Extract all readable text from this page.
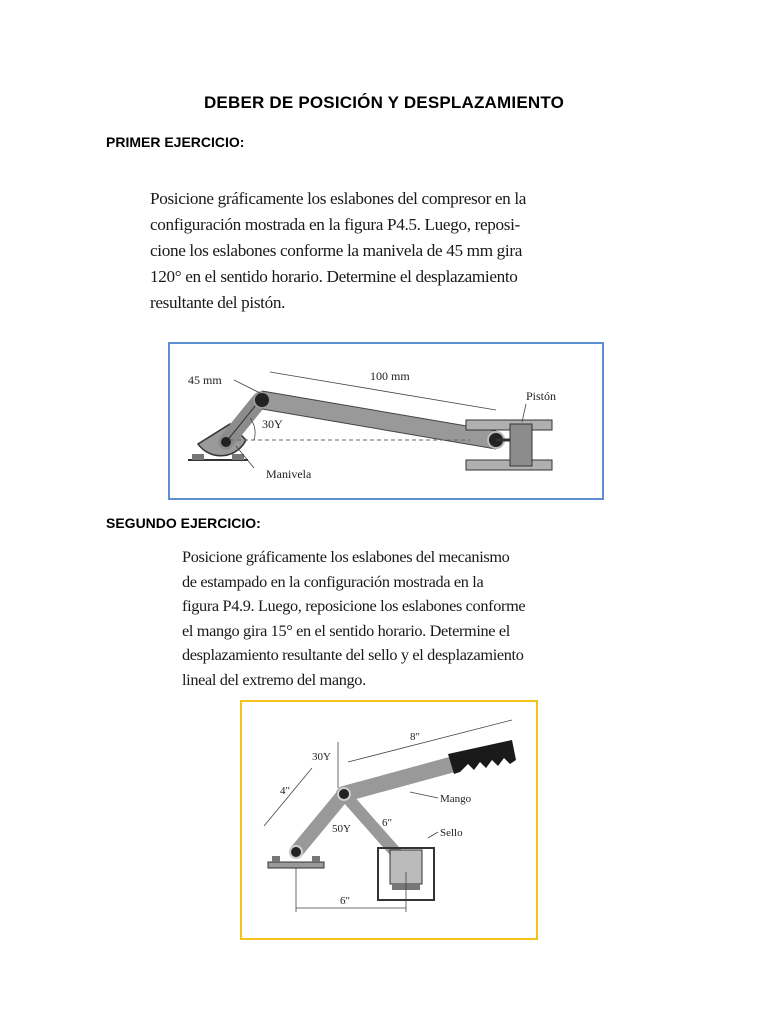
DEBER DE POSICIÓN Y DESPLAZAMIENTO
PRIMER EJERCICIO:
Posicione gráficamente los eslabones del compresor en la
configuración mostrada en la figura P4.5. Luego, reposi-
cione los eslabones conforme la manivela de 45 mm gira
120° en el sentido horario. Determine el desplazamiento
resultante del pistón.
45 mm	100 mm
30Y
Pistón
Manivela
SEGUNDO EJERCICIO:
Posicione gráficamente los eslabones del mecanismo
de estampado en la configuración mostrada en la
figura P4.9. Luego, reposicione los eslabones conforme
el mango gira 15° en el sentido horario. Determine el
desplazamiento resultante del sello y el desplazamiento
lineal del extremo del mango.
6"
8"
30Y
4"
50Y	6"
Mango
Sello
